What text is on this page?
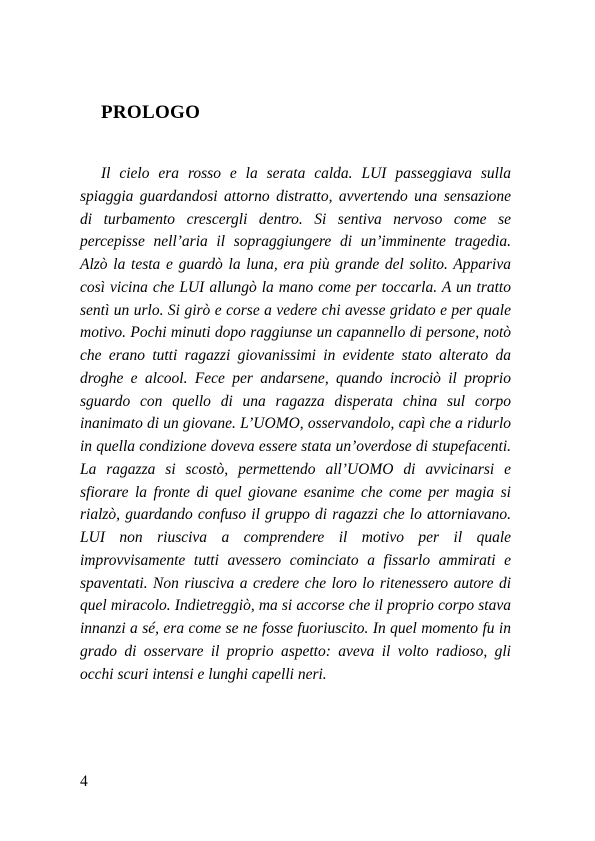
PROLOGO

Il cielo era rosso e la serata calda. LUI passeggiava sulla spiaggia guardandosi attorno distratto, avvertendo una sensazione di turbamento crescergli dentro. Si sentiva nervoso come se percepisse nell’aria il sopraggiungere di un’imminente tragedia. Alzò la testa e guardò la luna, era più grande del solito. Appariva così vicina che LUI allungò la mano come per toccarla. A un tratto sentì un urlo. Si girò e corse a vedere chi avesse gridato e per quale motivo. Pochi minuti dopo raggiunse un capannello di persone, notò che erano tutti ragazzi giovanissimi in evidente stato alterato da droghe e alcool. Fece per andarsene, quando incrociò il proprio sguardo con quello di una ragazza disperata china sul corpo inanimato di un giovane. L’UOMO, osservandolo, capì che a ridurlo in quella condizione doveva essere stata un’overdose di stupefacenti. La ragazza si scostò, permettendo all’UOMO di avvicinarsi e sfiorare la fronte di quel giovane esanime che come per magia si rialzò, guardando confuso il gruppo di ragazzi che lo attorniavano. LUI non riusciva a comprendere il motivo per il quale improvvisamente tutti avessero cominciato a fissarlo ammirati e spaventati. Non riusciva a credere che loro lo ritenessero autore di quel miracolo. Indietreggiò, ma si accorse che il proprio corpo stava innanzi a sé, era come se ne fosse fuoriuscito. In quel momento fu in grado di osservare il proprio aspetto: aveva il volto radioso, gli occhi scuri intensi e lunghi capelli neri.

4
